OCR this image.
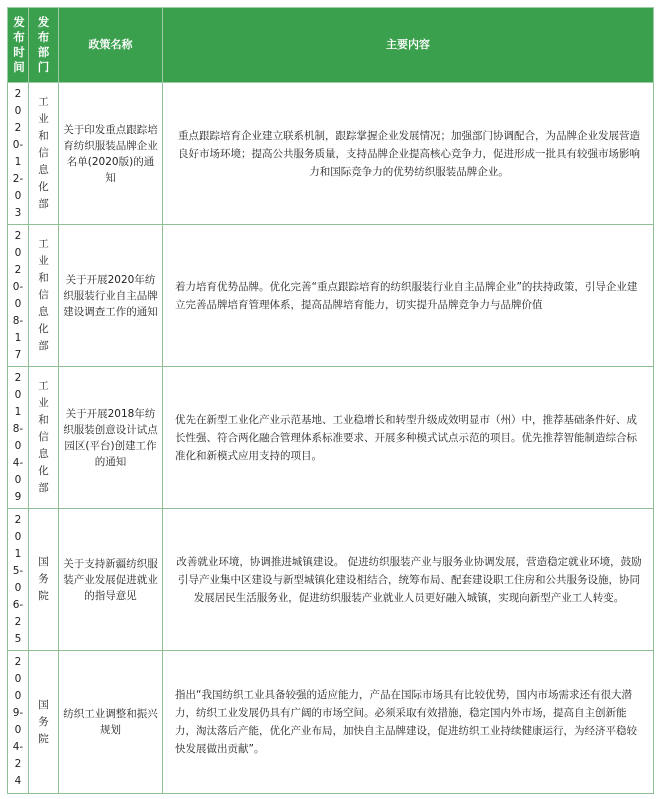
发布时间	发布部门	政策名称	主要内容

2020-12-03	工业和信息化部	关于印发重点跟踪培育纺织服装品牌企业名单(2020版)的通知	重点跟踪培育企业建立联系机制，跟踪掌握企业发展情况；加强部门协调配合，为品牌企业发展营造良好市场环境；提高公共服务质量，支持品牌企业提高核心竞争力，促进形成一批具有较强市场影响力和国际竞争力的优势纺织服装品牌企业。

2020-08-17	工业和信息化部	关于开展2020年纺织服装行业自主品牌建设调查工作的通知	着力培育优势品牌。优化完善“重点跟踪培育的纺织服装行业自主品牌企业”的扶持政策，引导企业建立完善品牌培育管理体系，提高品牌培育能力，切实提升品牌竞争力与品牌价值

2018-04-09	工业和信息化部	关于开展2018年纺织服装创意设计试点园区(平台)创建工作的通知	优先在新型工业化产业示范基地、工业稳增长和转型升级成效明显市（州）中，推荐基础条件好、成长性强、符合两化融合管理体系标准要求、开展多种模式试点示范的项目。优先推荐智能制造综合标准化和新模式应用支持的项目。

2015-06-25	国务院	关于支持新疆纺织服装产业发展促进就业的指导意见	改善就业环境，协调推进城镇建设。 促进纺织服装产业与服务业协调发展，营造稳定就业环境，鼓励引导产业集中区建设与新型城镇化建设相结合，统筹布局、配套建设职工住房和公共服务设施，协同发展居民生活服务业，促进纺织服装产业就业人员更好融入城镇，实现向新型产业工人转变。

2009-04-24	国务院	纺织工业调整和振兴规划	指出“我国纺织工业具备较强的适应能力，产品在国际市场具有比较优势，国内市场需求还有很大潜力，纺织工业发展仍具有广阔的市场空间。必须采取有效措施，稳定国内外市场，提高自主创新能力，淘汰落后产能，优化产业布局，加快自主品牌建设，促进纺织工业持续健康运行，为经济平稳较快发展做出贡献”。
